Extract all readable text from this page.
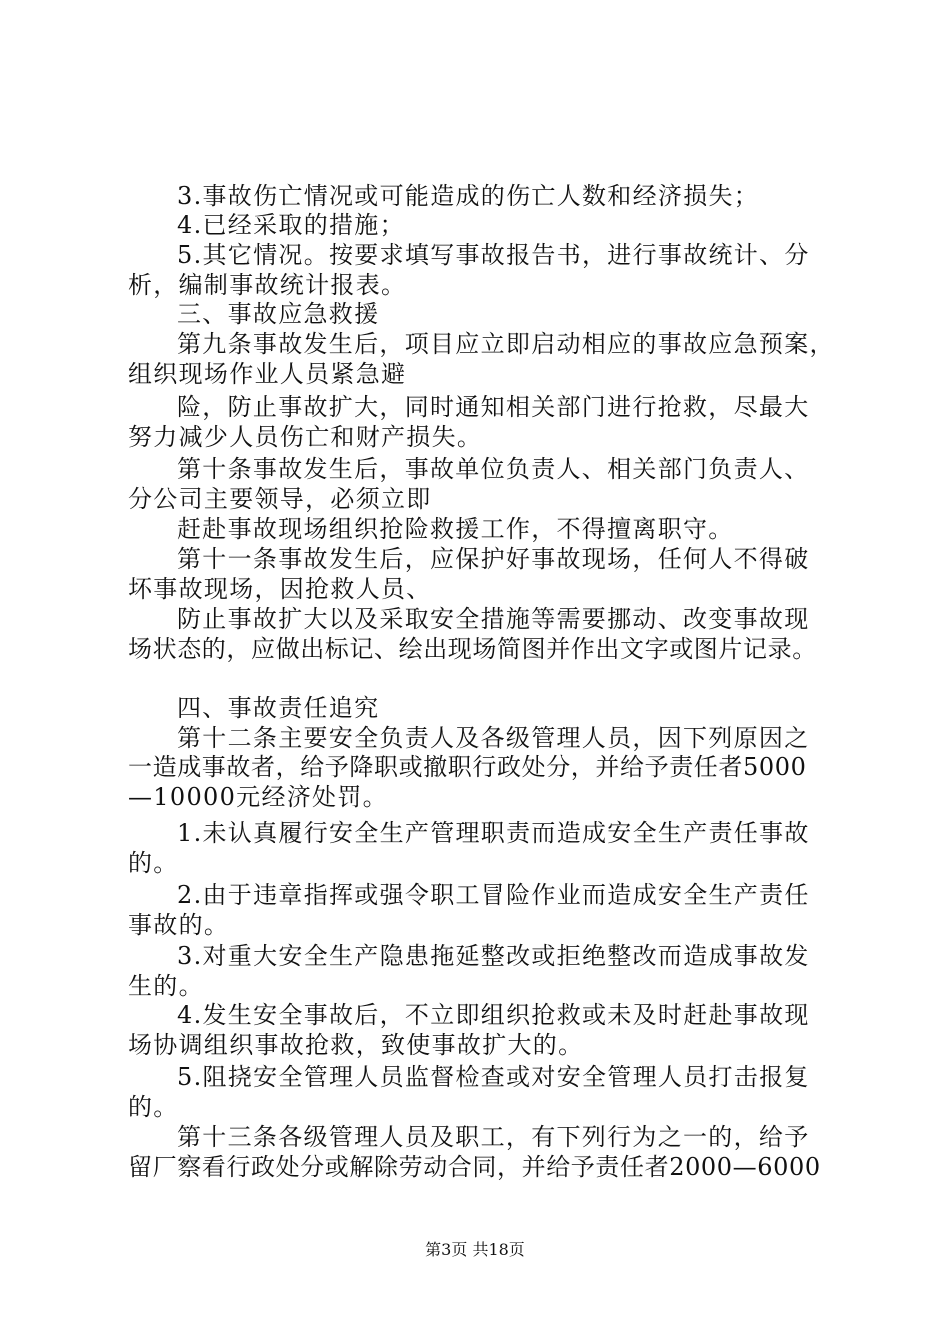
3.事故伤亡情况或可能造成的伤亡人数和经济损失；
4.已经采取的措施；
5.其它情况。按要求填写事故报告书，进行事故统计、分
析，编制事故统计报表。
三、事故应急救援
第九条事故发生后，项目应立即启动相应的事故应急预案，
组织现场作业人员紧急避
险，防止事故扩大，同时通知相关部门进行抢救，尽最大
努力减少人员伤亡和财产损失。
第十条事故发生后，事故单位负责人、相关部门负责人、
分公司主要领导，必须立即
赶赴事故现场组织抢险救援工作，不得擅离职守。
第十一条事故发生后，应保护好事故现场，任何人不得破
坏事故现场，因抢救人员、
防止事故扩大以及采取安全措施等需要挪动、改变事故现
场状态的，应做出标记、绘出现场简图并作出文字或图片记录。
四、事故责任追究
第十二条主要安全负责人及各级管理人员，因下列原因之
一造成事故者，给予降职或撤职行政处分，并给予责任者5000
—10000元经济处罚。
1.未认真履行安全生产管理职责而造成安全生产责任事故
的。
2.由于违章指挥或强令职工冒险作业而造成安全生产责任
事故的。
3.对重大安全生产隐患拖延整改或拒绝整改而造成事故发
生的。
4.发生安全事故后，不立即组织抢救或未及时赶赴事故现
场协调组织事故抢救，致使事故扩大的。
5.阻挠安全管理人员监督检查或对安全管理人员打击报复
的。
第十三条各级管理人员及职工，有下列行为之一的，给予
留厂察看行政处分或解除劳动合同，并给予责任者2000—6000
第3页 共18页
